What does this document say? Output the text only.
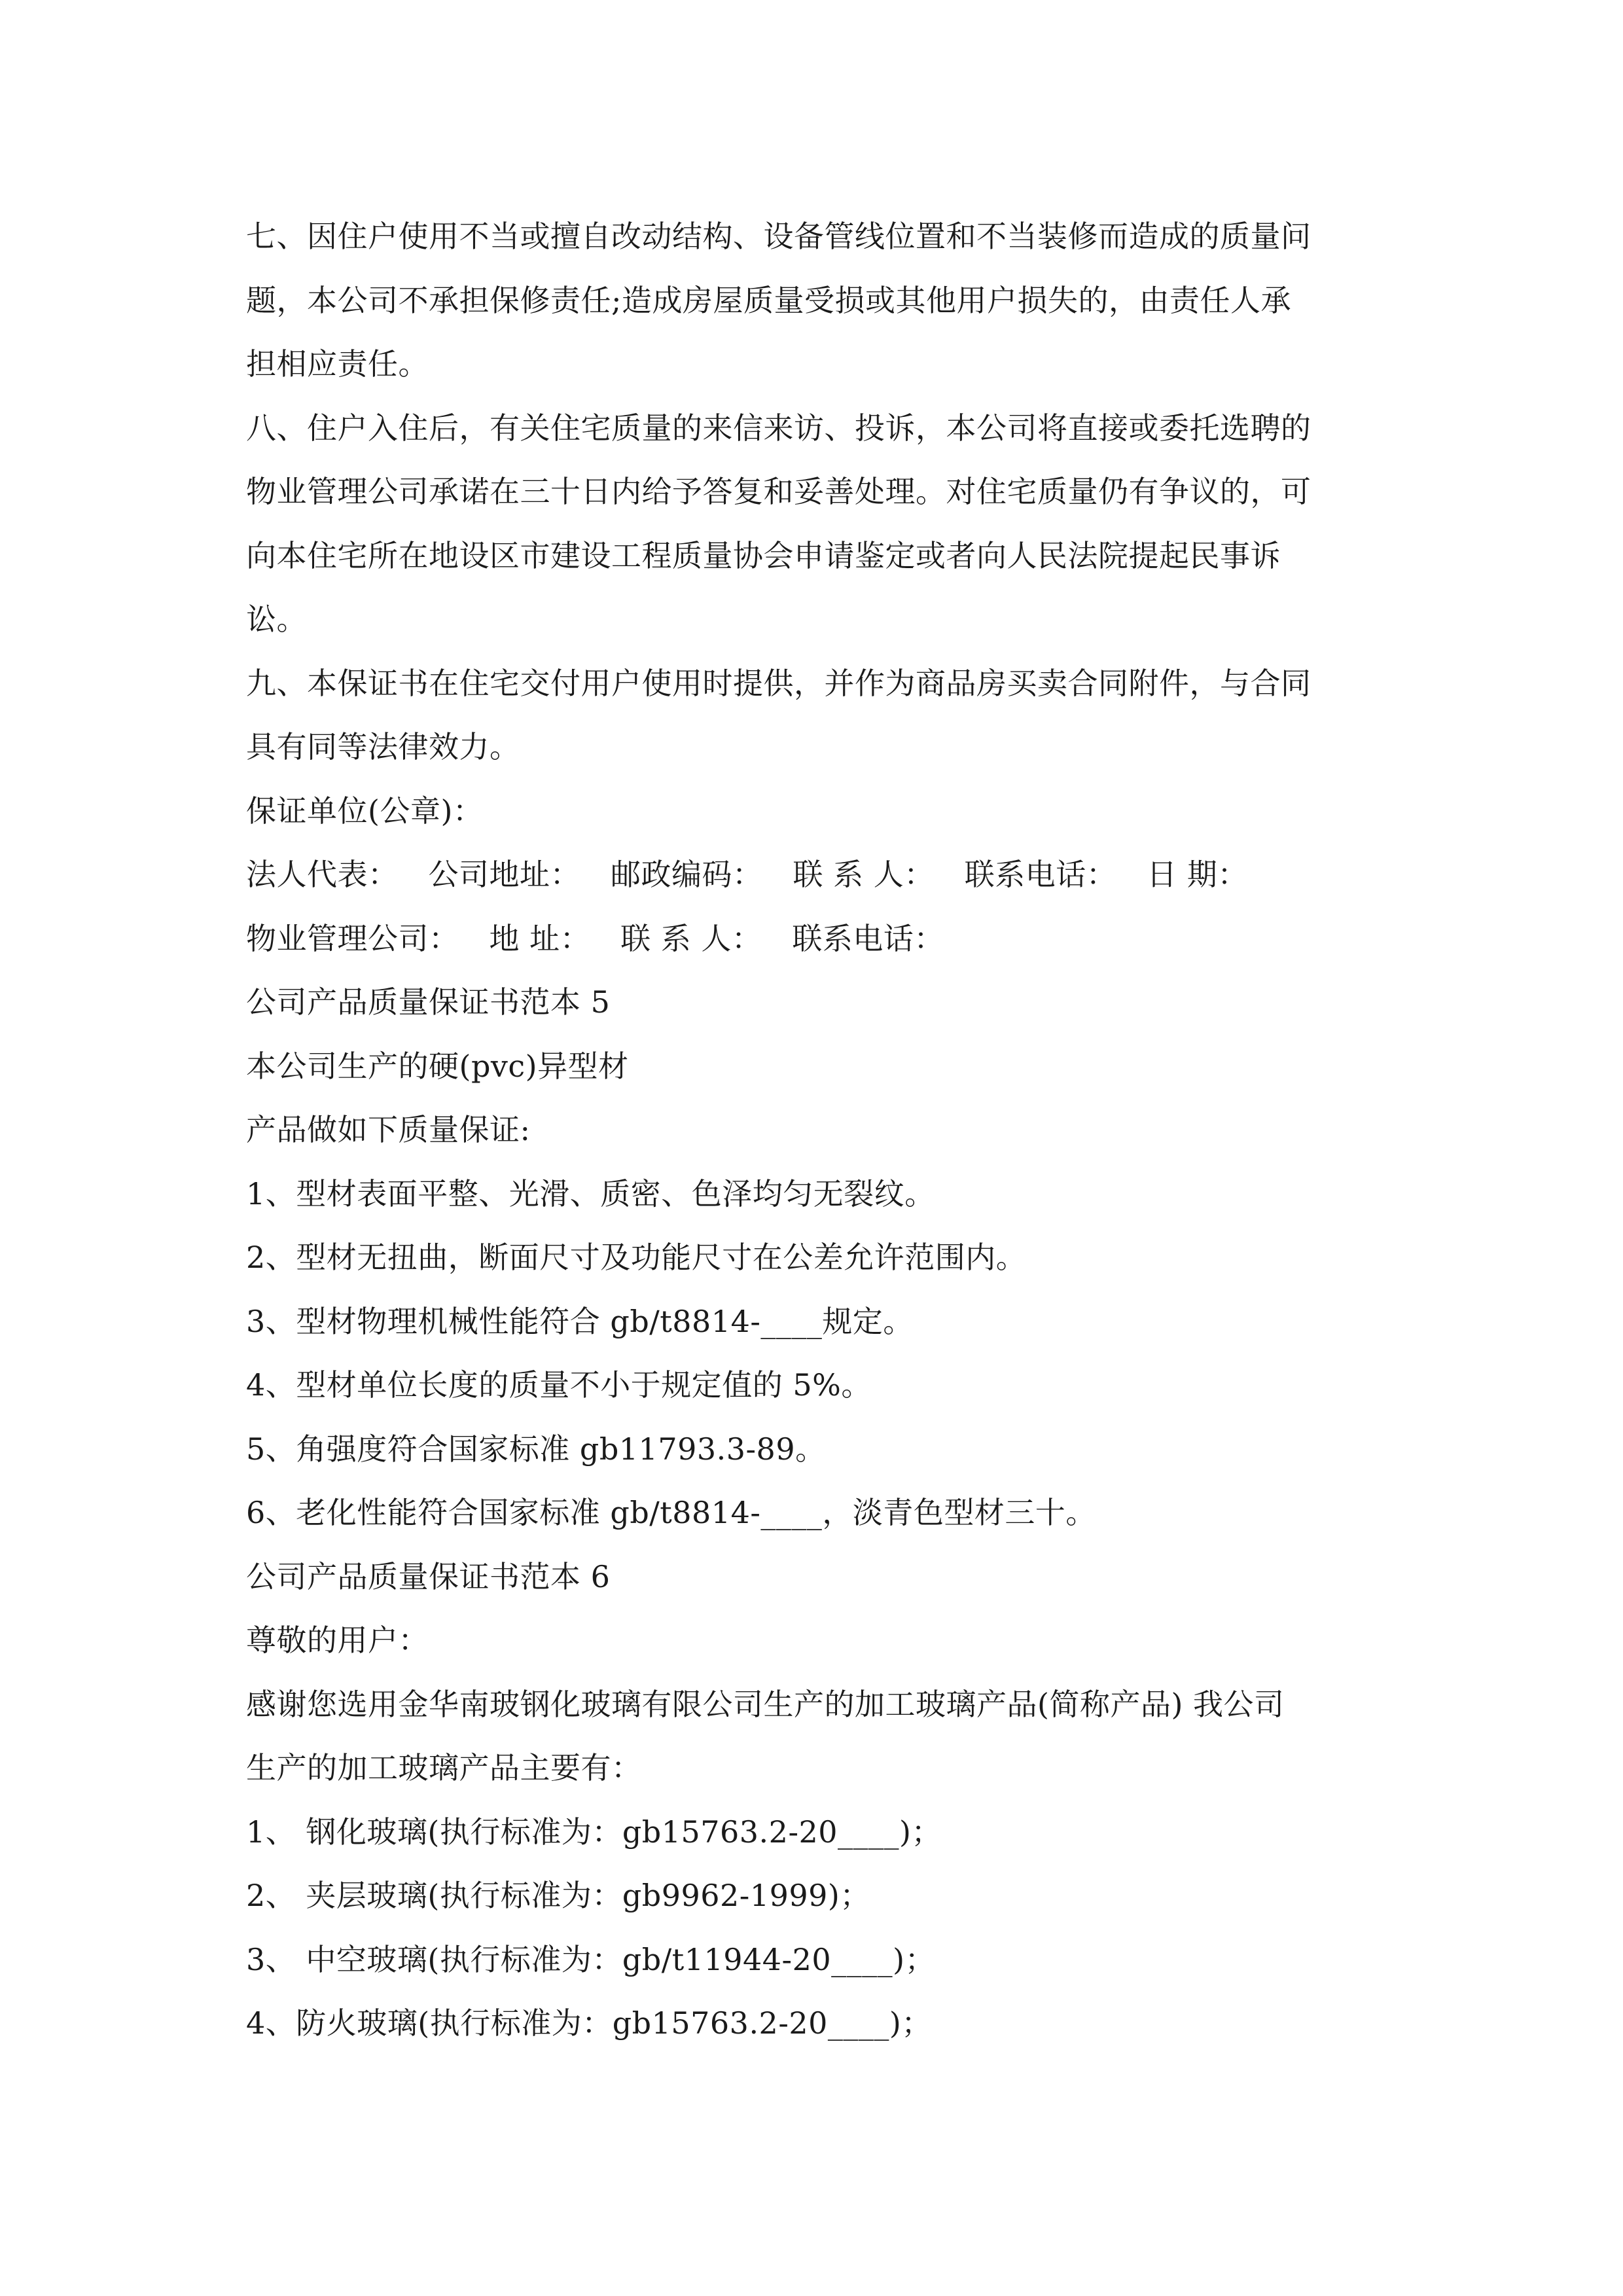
七、因住户使用不当或擅自改动结构、设备管线位置和不当装修而造成的质量问
题，本公司不承担保修责任;造成房屋质量受损或其他用户损失的，由责任人承
担相应责任。
八、住户入住后，有关住宅质量的来信来访、投诉，本公司将直接或委托选聘的
物业管理公司承诺在三十日内给予答复和妥善处理。对住宅质量仍有争议的，可
向本住宅所在地设区市建设工程质量协会申请鉴定或者向人民法院提起民事诉
讼。
九、本保证书在住宅交付用户使用时提供，并作为商品房买卖合同附件，与合同
具有同等法律效力。
保证单位(公章)：
法人代表： 公司地址： 邮政编码： 联 系 人： 联系电话： 日 期：
物业管理公司： 地 址： 联 系 人： 联系电话：
公司产品质量保证书范本 5
本公司生产的硬(pvc)异型材
产品做如下质量保证:
1、型材表面平整、光滑、质密、色泽均匀无裂纹。
2、型材无扭曲，断面尺寸及功能尺寸在公差允许范围内。
3、型材物理机械性能符合 gb/t8814-____规定。
4、型材单位长度的质量不小于规定值的 5%。
5、角强度符合国家标准 gb11793.3-89。
6、老化性能符合国家标准 gb/t8814-____，淡青色型材三十。
公司产品质量保证书范本 6
尊敬的用户：
感谢您选用金华南玻钢化玻璃有限公司生产的加工玻璃产品(简称产品) 我公司
生产的加工玻璃产品主要有：
1、 钢化玻璃(执行标准为：gb15763.2-20____)；
2、 夹层玻璃(执行标准为：gb9962-1999)；
3、 中空玻璃(执行标准为：gb/t11944-20____)；
4、防火玻璃(执行标准为：gb15763.2-20____)；
